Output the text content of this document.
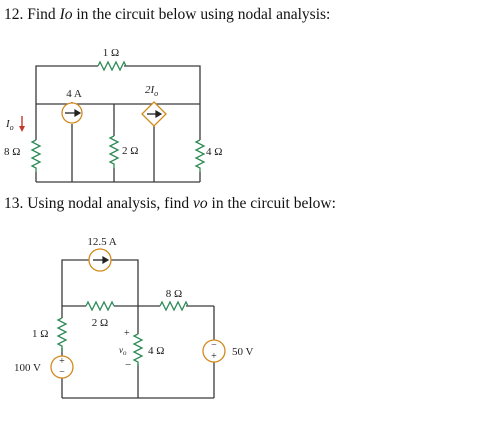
12. Find Io in the circuit below using nodal analysis:
13. Using nodal analysis, find vo in the circuit below:
1 Ω
4 A	$2I_o$
8 Ω
$I_o$
2 Ω	4 Ω
12.5 A
2 Ω
8 Ω
1 Ω
+
−
100 V
4 Ω
+
$v_o$
−
−
+ 50 V
